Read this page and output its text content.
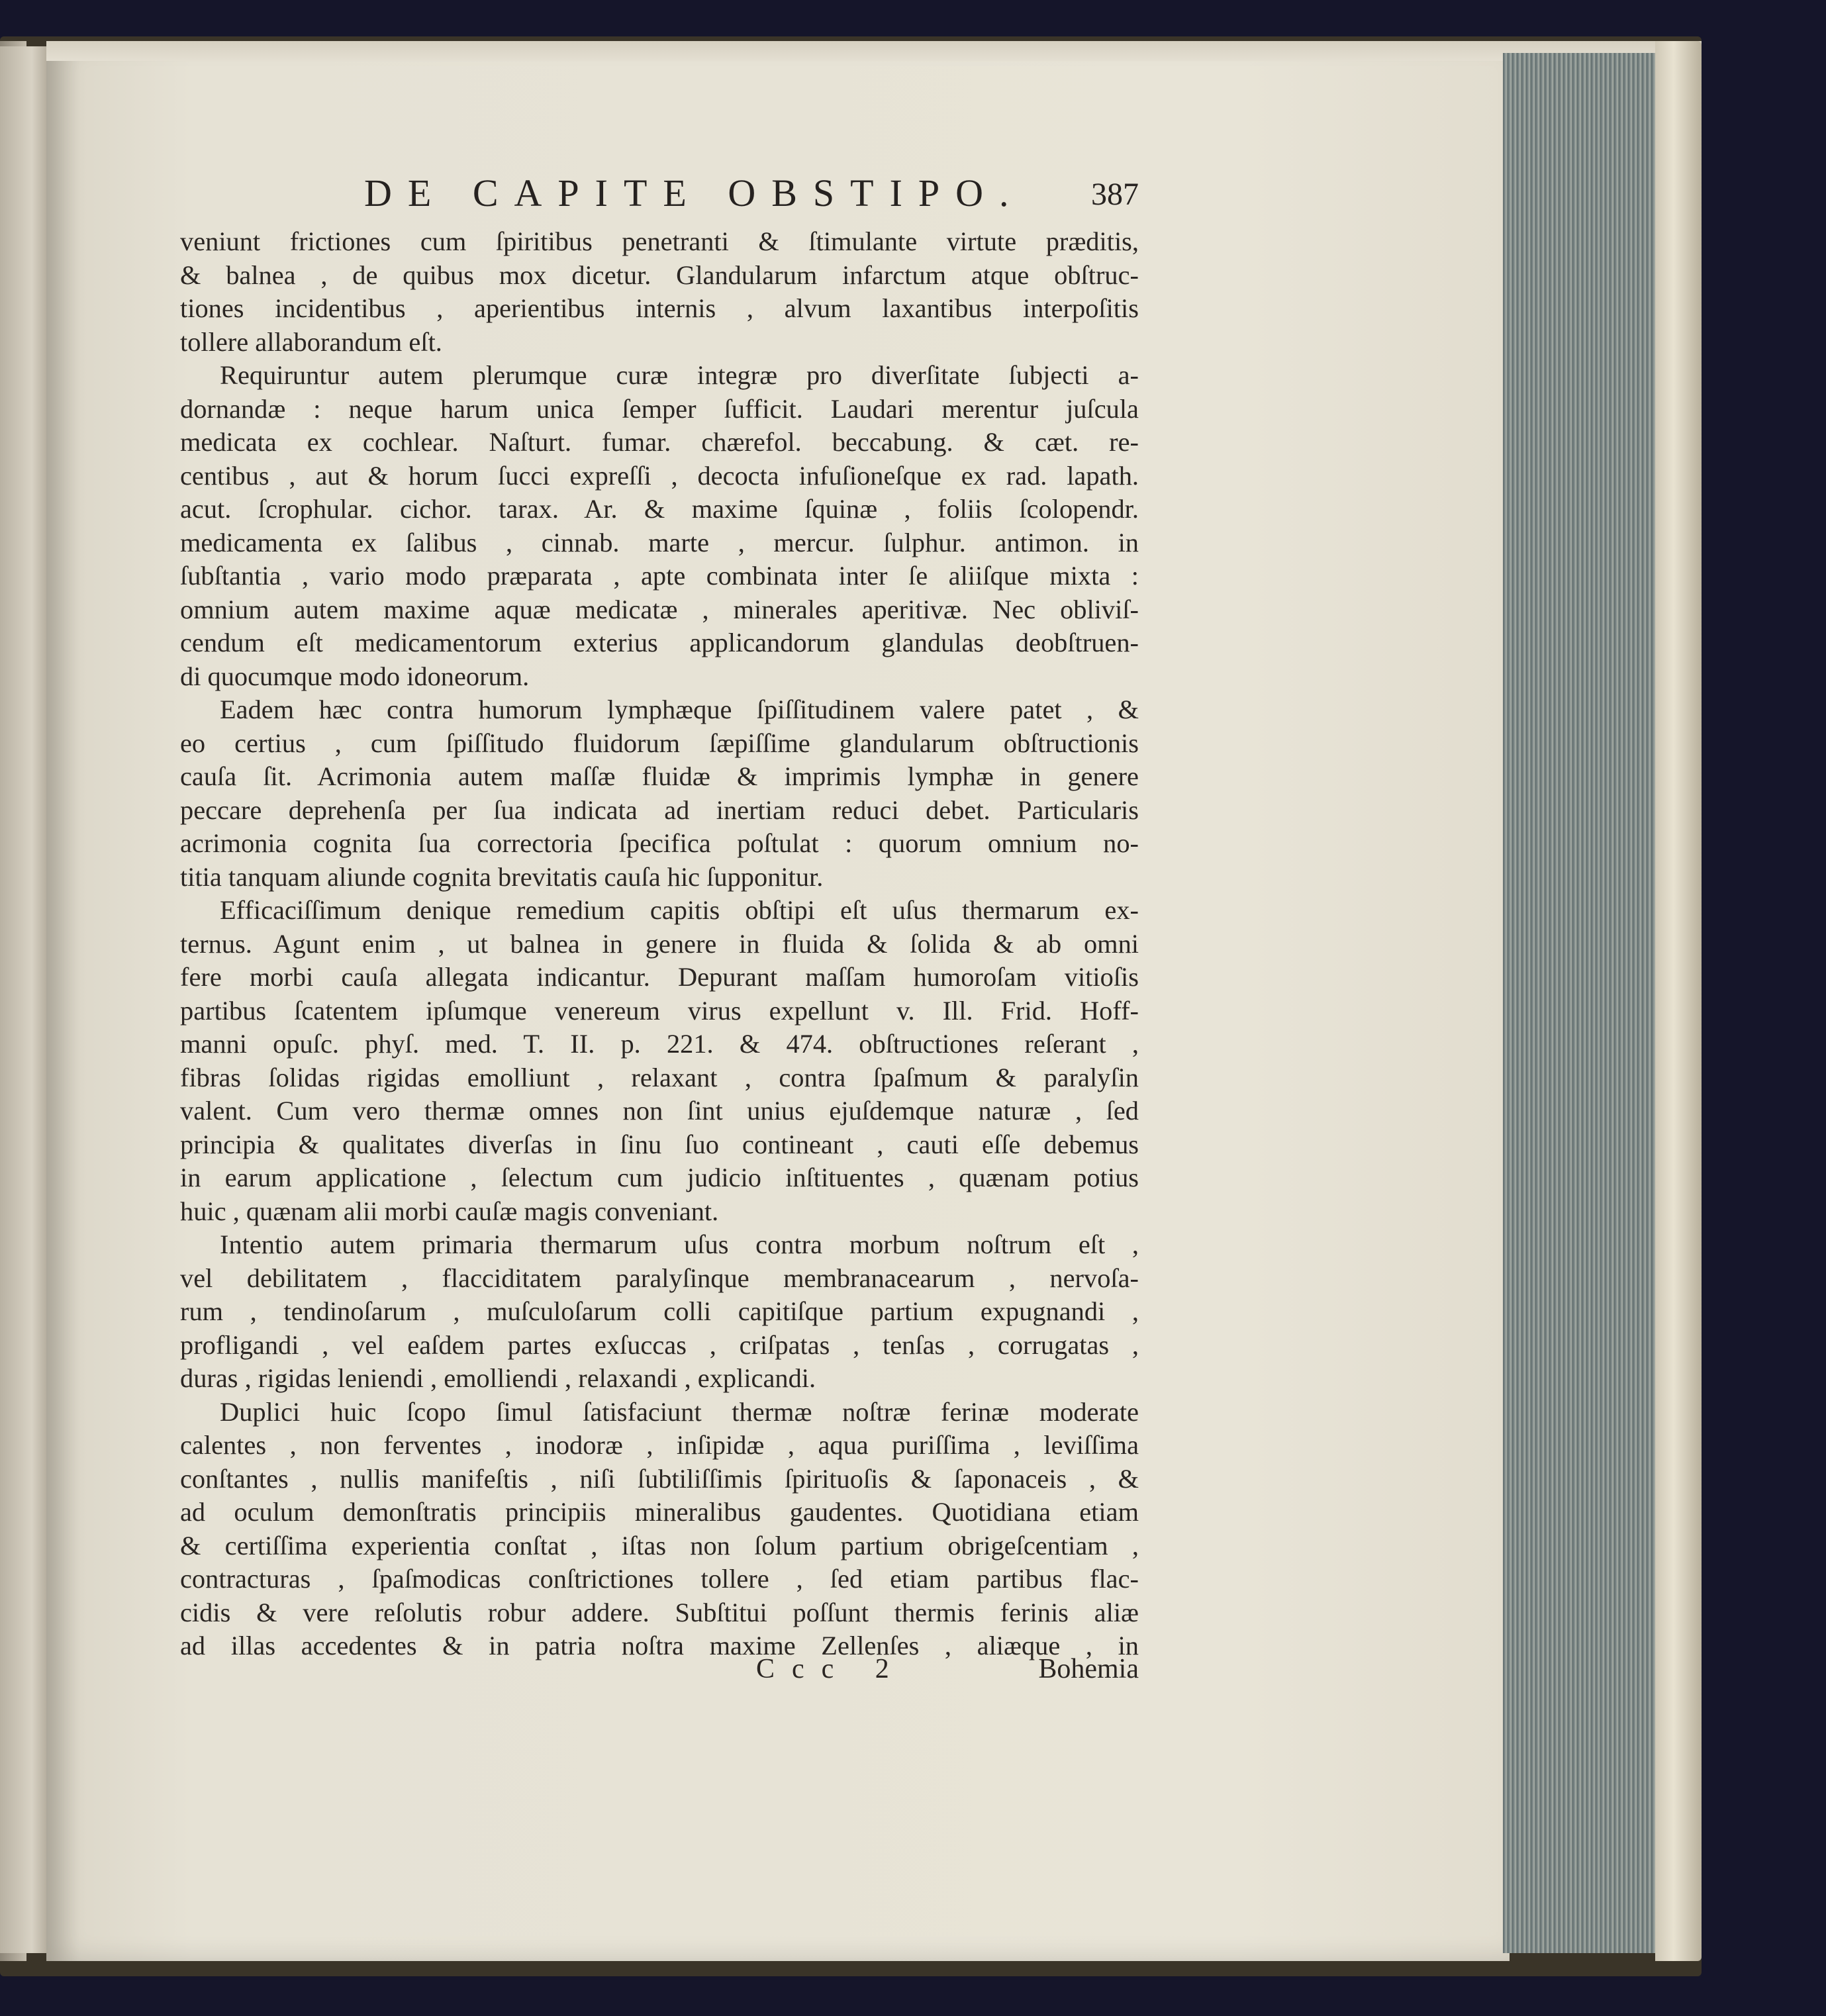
DE CAPITE OBSTIPO. 387
veniunt frictiones cum ſpiritibus penetranti & ſtimulante virtute præditis,
& balnea , de quibus mox dicetur. Glandularum infarctum atque obſtruc-
tiones incidentibus , aperientibus internis , alvum laxantibus interpoſitis
tollere allaborandum eſt.
Requiruntur autem plerumque curæ integræ pro diverſitate ſubjecti a-
dornandæ : neque harum unica ſemper ſufficit. Laudari merentur juſcula
medicata ex cochlear. Naſturt. fumar. chærefol. beccabung. & cæt. re-
centibus , aut & horum ſucci expreſſi , decocta infuſioneſque ex rad. lapath.
acut. ſcrophular. cichor. tarax. Ar. & maxime ſquinæ , foliis ſcolopendr.
medicamenta ex ſalibus , cinnab. marte , mercur. ſulphur. antimon. in
ſubſtantia , vario modo præparata , apte combinata inter ſe aliiſque mixta :
omnium autem maxime aquæ medicatæ , minerales aperitivæ. Nec obliviſ-
cendum eſt medicamentorum exterius applicandorum glandulas deobſtruen-
di quocumque modo idoneorum.
Eadem hæc contra humorum lymphæque ſpiſſitudinem valere patet , &
eo certius , cum ſpiſſitudo fluidorum ſæpiſſime glandularum obſtructionis
cauſa ſit. Acrimonia autem maſſæ fluidæ & imprimis lymphæ in genere
peccare deprehenſa per ſua indicata ad inertiam reduci debet. Particularis
acrimonia cognita ſua correctoria ſpecifica poſtulat : quorum omnium no-
titia tanquam aliunde cognita brevitatis cauſa hic ſupponitur.
Efficaciſſimum denique remedium capitis obſtipi eſt uſus thermarum ex-
ternus. Agunt enim , ut balnea in genere in fluida & ſolida & ab omni
fere morbi cauſa allegata indicantur. Depurant maſſam humoroſam vitioſis
partibus ſcatentem ipſumque venereum virus expellunt v. Ill. Frid. Hoff-
manni opuſc. phyſ. med. T. II. p. 221. & 474. obſtructiones reſerant ,
fibras ſolidas rigidas emolliunt , relaxant , contra ſpaſmum & paralyſin
valent. Cum vero thermæ omnes non ſint unius ejuſdemque naturæ , ſed
principia & qualitates diverſas in ſinu ſuo contineant , cauti eſſe debemus
in earum applicatione , ſelectum cum judicio inſtituentes , quænam potius
huic , quænam alii morbi cauſæ magis conveniant.
Intentio autem primaria thermarum uſus contra morbum noſtrum eſt ,
vel debilitatem , flacciditatem paralyſinque membranacearum , nervoſa-
rum , tendinoſarum , muſculoſarum colli capitiſque partium expugnandi ,
profligandi , vel eaſdem partes exſuccas , criſpatas , tenſas , corrugatas ,
duras , rigidas leniendi , emolliendi , relaxandi , explicandi.
Duplici huic ſcopo ſimul ſatisfaciunt thermæ noſtræ ferinæ moderate
calentes , non ferventes , inodoræ , inſipidæ , aqua puriſſima , leviſſima
conſtantes , nullis manifeſtis , niſi ſubtiliſſimis ſpirituoſis & ſaponaceis , &
ad oculum demonſtratis principiis mineralibus gaudentes. Quotidiana etiam
& certiſſima experientia conſtat , iſtas non ſolum partium obrigeſcentiam ,
contracturas , ſpaſmodicas conſtrictiones tollere , ſed etiam partibus flac-
cidis & vere reſolutis robur addere. Subſtitui poſſunt thermis ferinis aliæ
ad illas accedentes & in patria noſtra maxime Zellenſes , aliæque , in
Ccc 2	Bohemia
